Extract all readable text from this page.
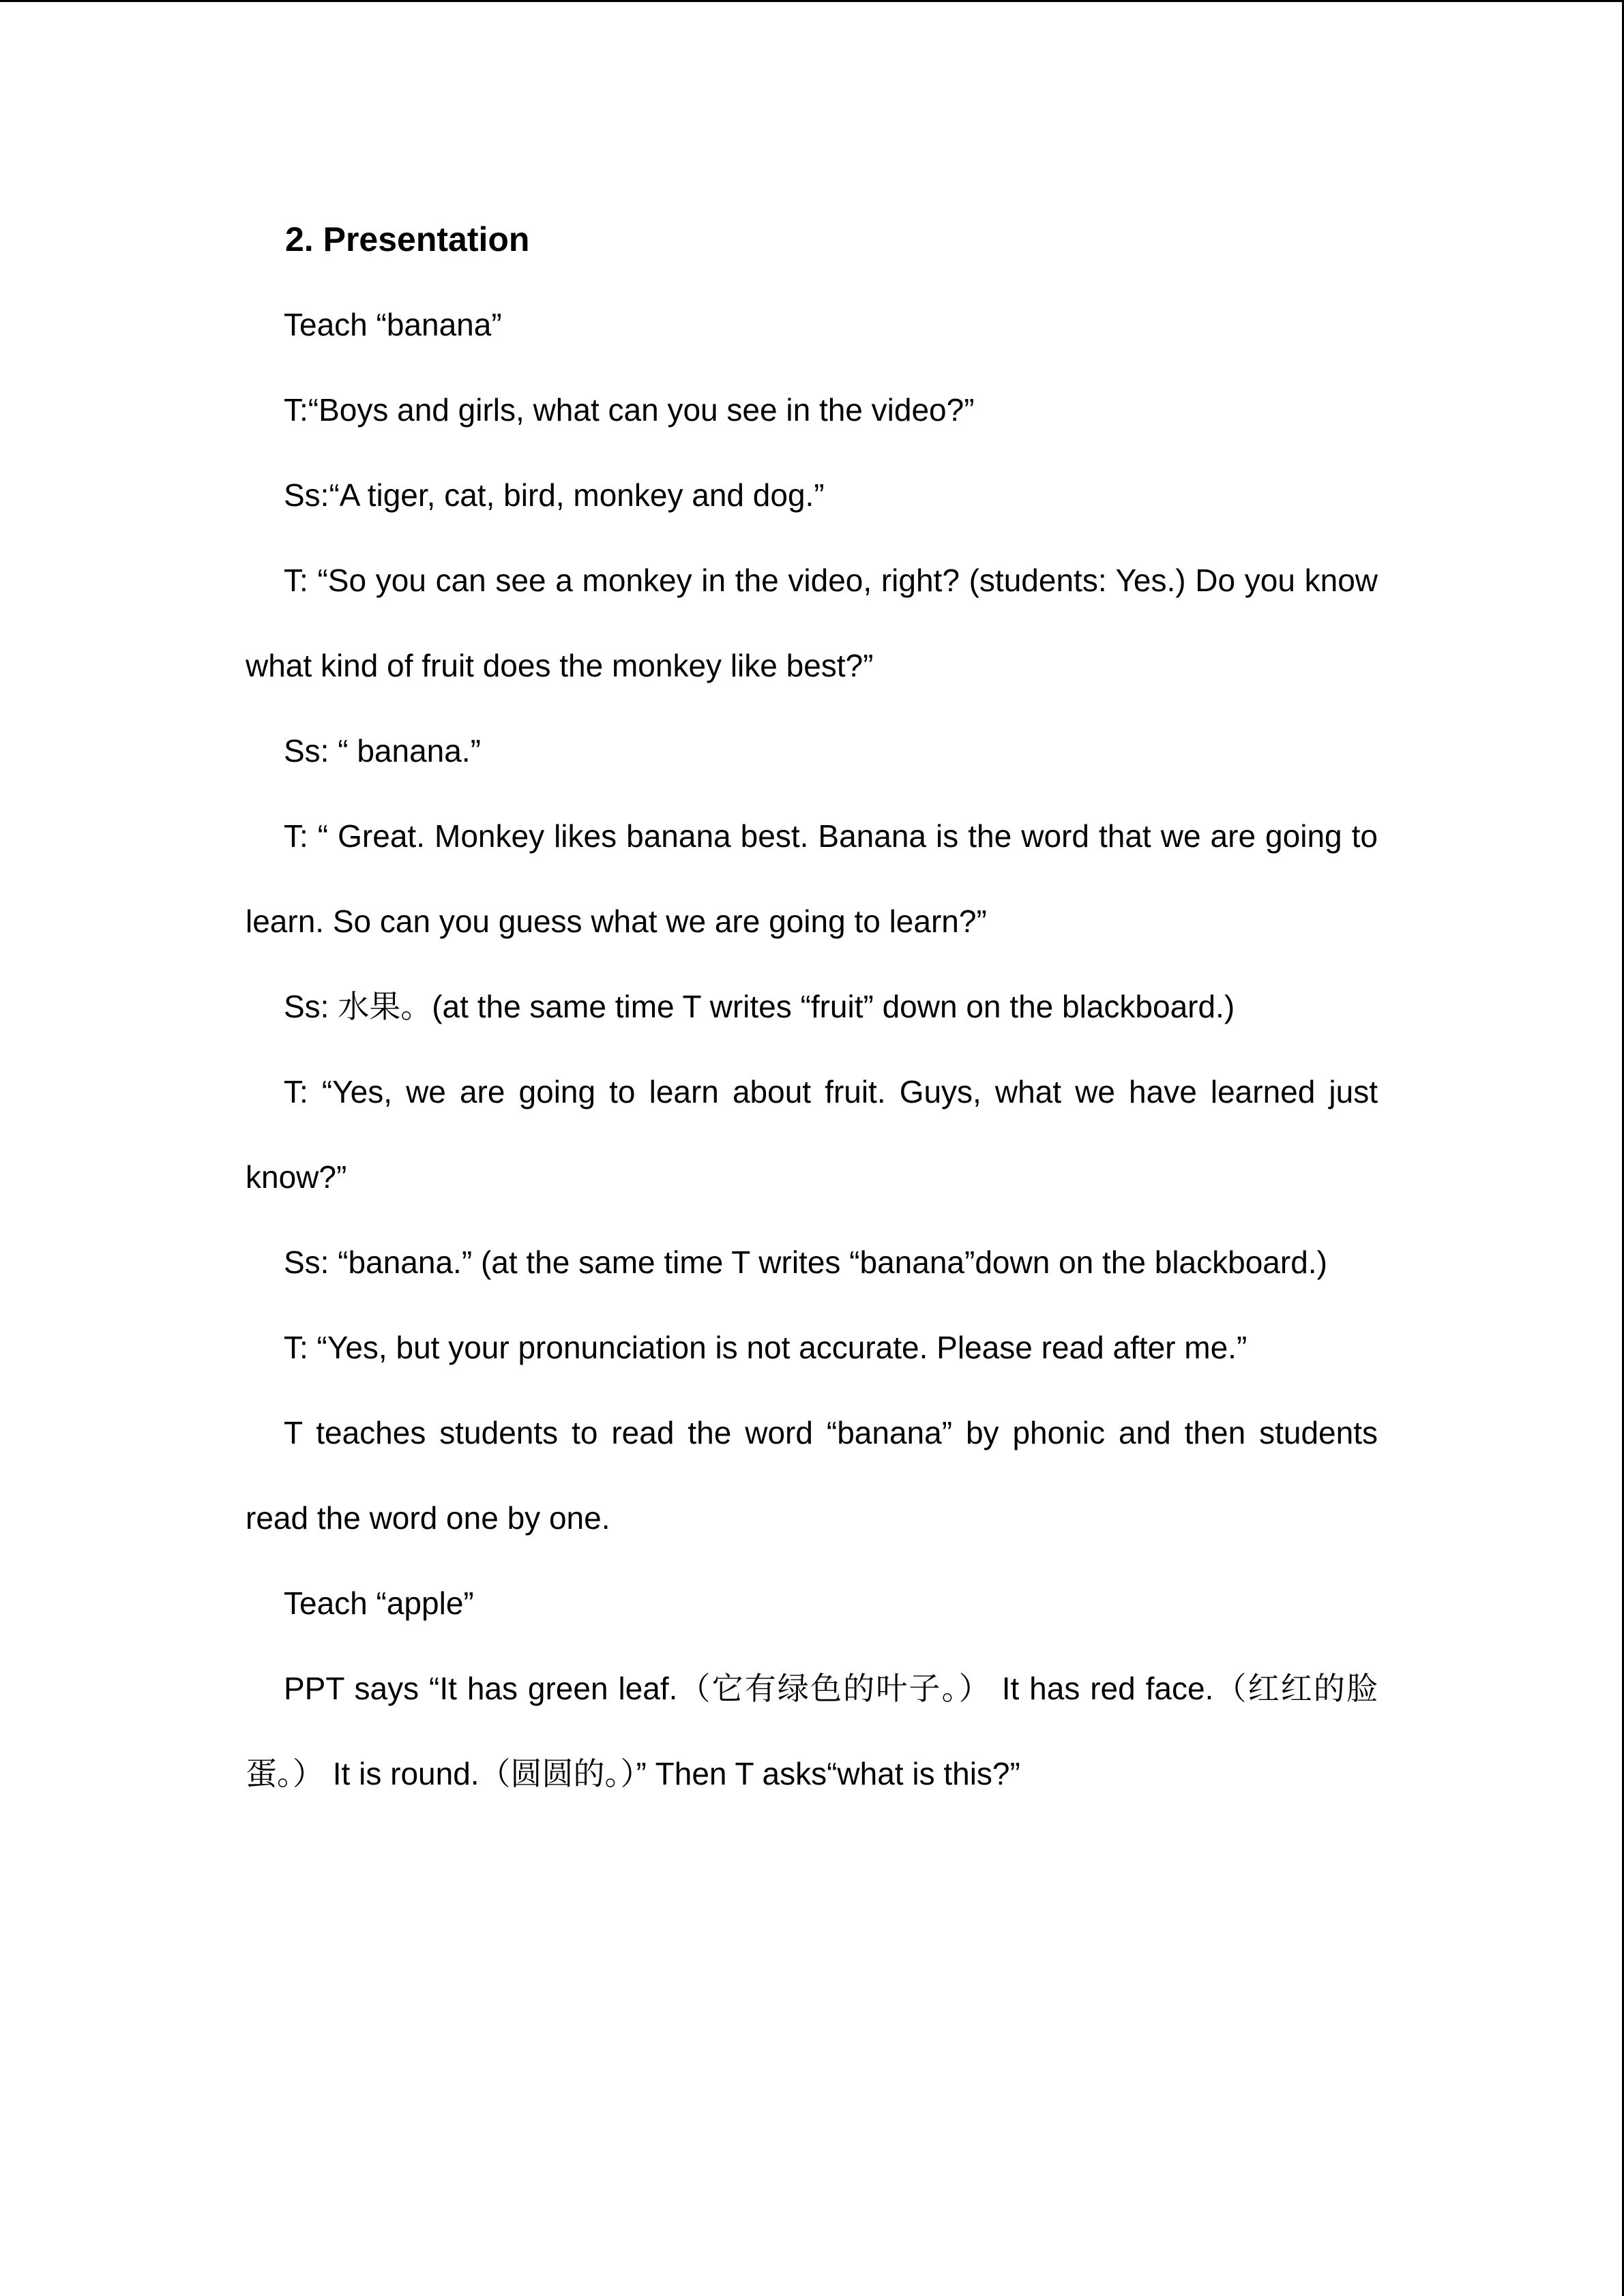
2. Presentation

Teach “banana”

T:“Boys and girls, what can you see in the video?”

Ss:“A tiger, cat, bird, monkey and dog.”

T: “So you can see a monkey in the video, right? (students: Yes.) Do you know what kind of fruit does the monkey like best?”

Ss: “ banana.”

T: “ Great. Monkey likes banana best. Banana is the word that we are going to learn. So can you guess what we are going to learn?”

Ss: 水果。(at the same time T writes “fruit” down on the blackboard.)

T: “Yes, we are going to learn about fruit. Guys, what we have learned just know?”

Ss: “banana.” (at the same time T writes “banana”down on the blackboard.)

T: “Yes, but your pronunciation is not accurate. Please read after me.”

T teaches students to read the word “banana” by phonic and then students read the word one by one.

Teach “apple”

PPT says “It has green leaf.（它有绿色的叶子。） It has red face.（红红的脸蛋。） It is round.（圆圆的。）” Then T asks“what is this?”
